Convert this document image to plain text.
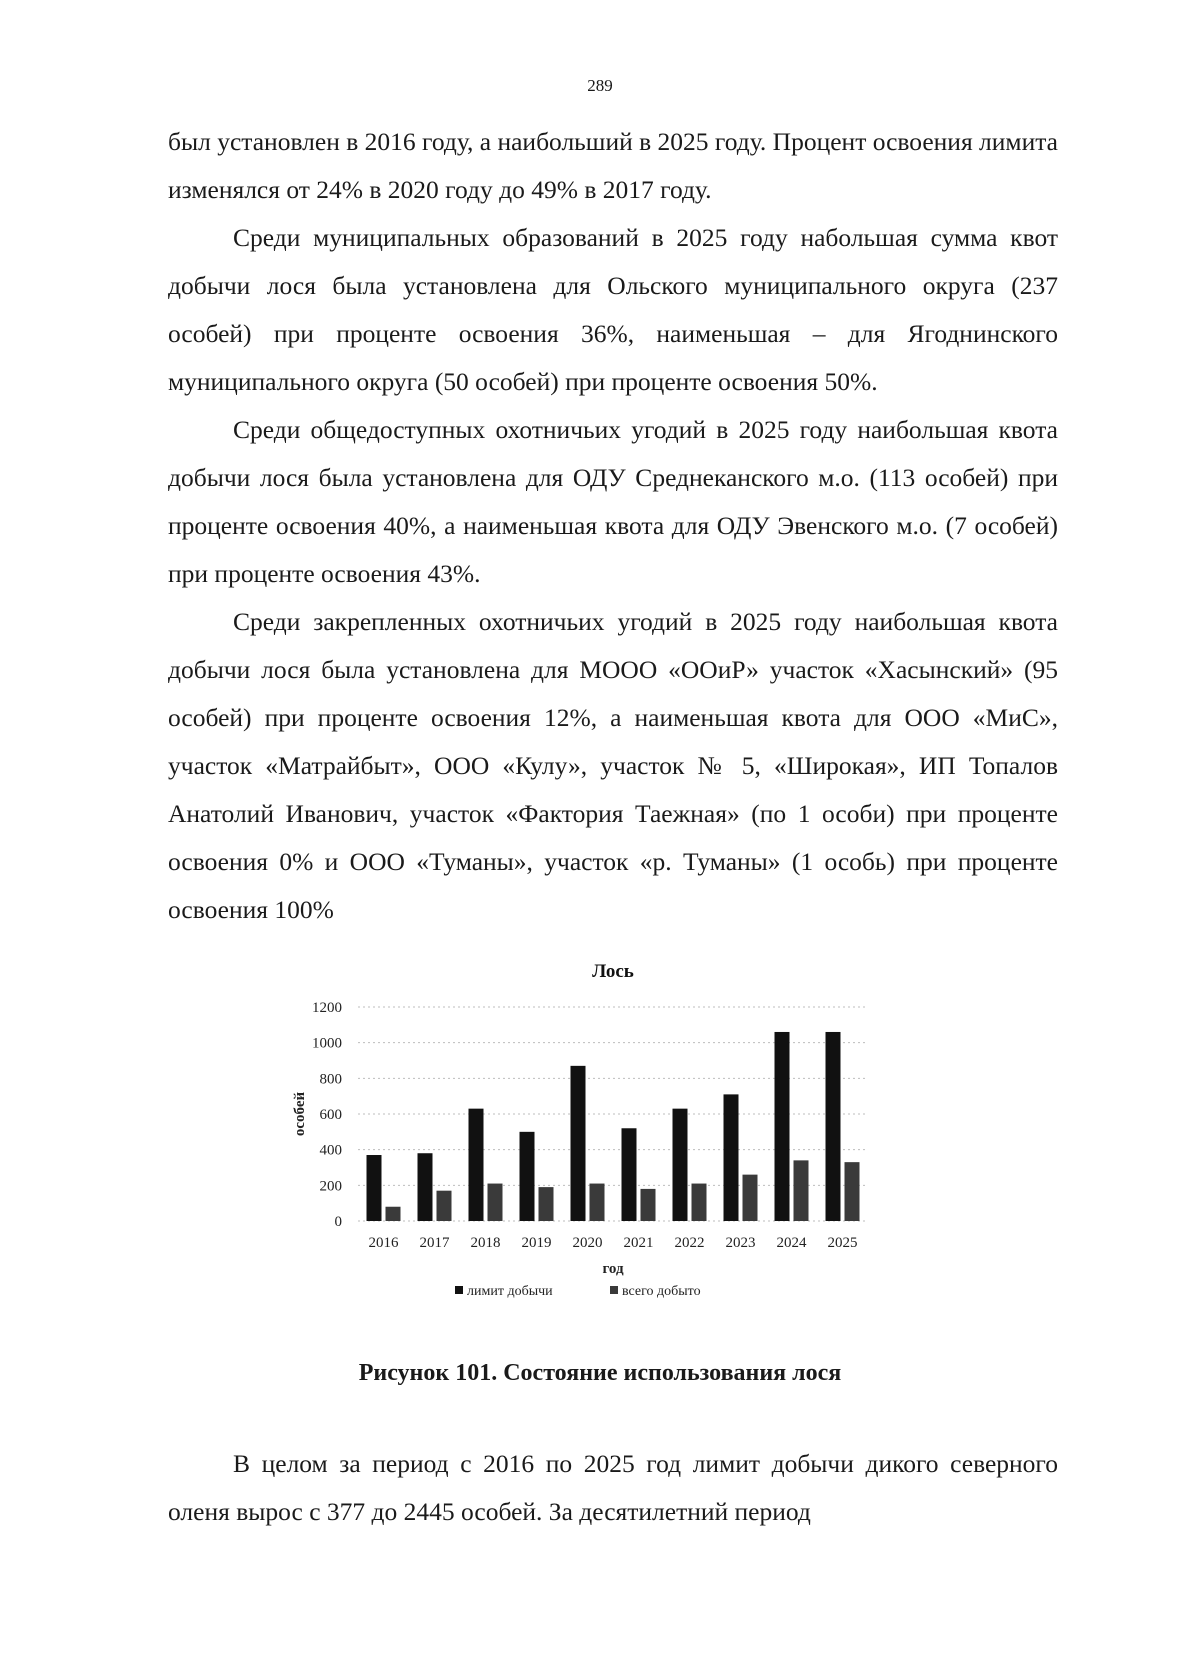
289

был установлен в 2016 году, а наибольший в 2025 году. Процент освоения лимита изменялся от 24% в 2020 году до 49% в 2017 году.

Среди муниципальных образований в 2025 году набольшая сумма квот добычи лося была установлена для Ольского муниципального округа (237 особей) при проценте освоения 36%, наименьшая – для Ягоднинского муниципального округа (50 особей) при проценте освоения 50%.

Среди общедоступных охотничьих угодий в 2025 году наибольшая квота добычи лося была установлена для ОДУ Среднеканского м.о. (113 особей) при проценте освоения 40%, а наименьшая квота для ОДУ Эвенского м.о. (7 особей) при проценте освоения 43%.

Среди закрепленных охотничьих угодий в 2025 году наибольшая квота добычи лося была установлена для МООО «ООиР» участок «Хасынский» (95 особей) при проценте освоения 12%, а наименьшая квота для ООО «МиС», участок «Матрайбыт», ООО «Кулу», участок № 5, «Широкая», ИП Топалов Анатолий Иванович, участок «Фактория Таежная» (по 1 особи) при проценте освоения 0% и ООО «Туманы», участок «р. Туманы» (1 особь) при проценте освоения 100%

Лось
0
200
400
600
800
1000
1200
особей
2016 2017 2018 2019 2020 2021 2022 2023 2024 2025
год
лимит добычи	всего добыто
Рисунок 101. Состояние использования лося

В целом за период с 2016 по 2025 год лимит добычи дикого северного оленя вырос с 377 до 2445 особей. За десятилетний период
